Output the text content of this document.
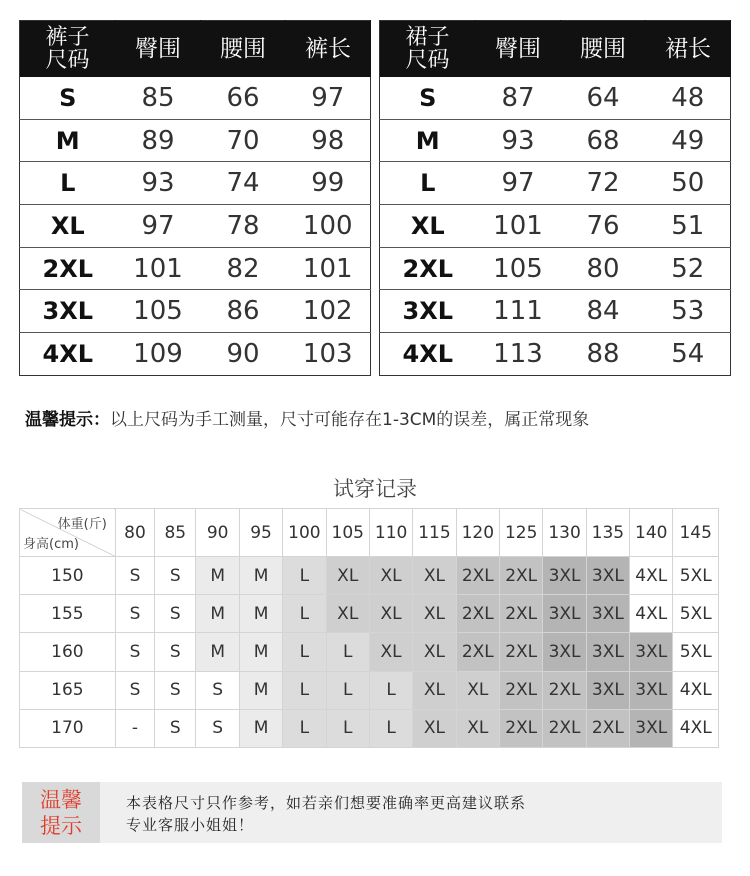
裤子
尺码	臀围	腰围	裤长
S	85	66	97
M	89	70	98
L	93	74	99
XL	97	78	100
2XL	101	82	101
3XL	105	86	102
4XL	109	90	103
裙子
尺码	臀围	腰围	裙长
S	87	64	48
M	93	68	49
L	97	72	50
XL	101	76	51
2XL	105	80	52
3XL	111	84	53
4XL	113	88	54
温馨提示：以上尺码为手工测量，尺寸可能存在1-3CM的误差，属正常现象
试穿记录
体重(斤)
身高(cm)	80	85	90	95	100	105	110	115	120	125	130	135	140	145
150	S	S	M	M	L	XL	XL	XL	2XL	2XL	3XL	3XL	4XL	5XL
155	S	S	M	M	L	XL	XL	XL	2XL	2XL	3XL	3XL	4XL	5XL
160	S	S	M	M	L	L	XL	XL	2XL	2XL	3XL	3XL	3XL	5XL
165	S	S	S	M	L	L	L	XL	XL	2XL	2XL	3XL	3XL	4XL
170	-	S	S	M	L	L	L	XL	XL	2XL	2XL	2XL	3XL	4XL
温馨
提示
本表格尺寸只作参考，如若亲们想要准确率更高建议联系
专业客服小姐姐！
